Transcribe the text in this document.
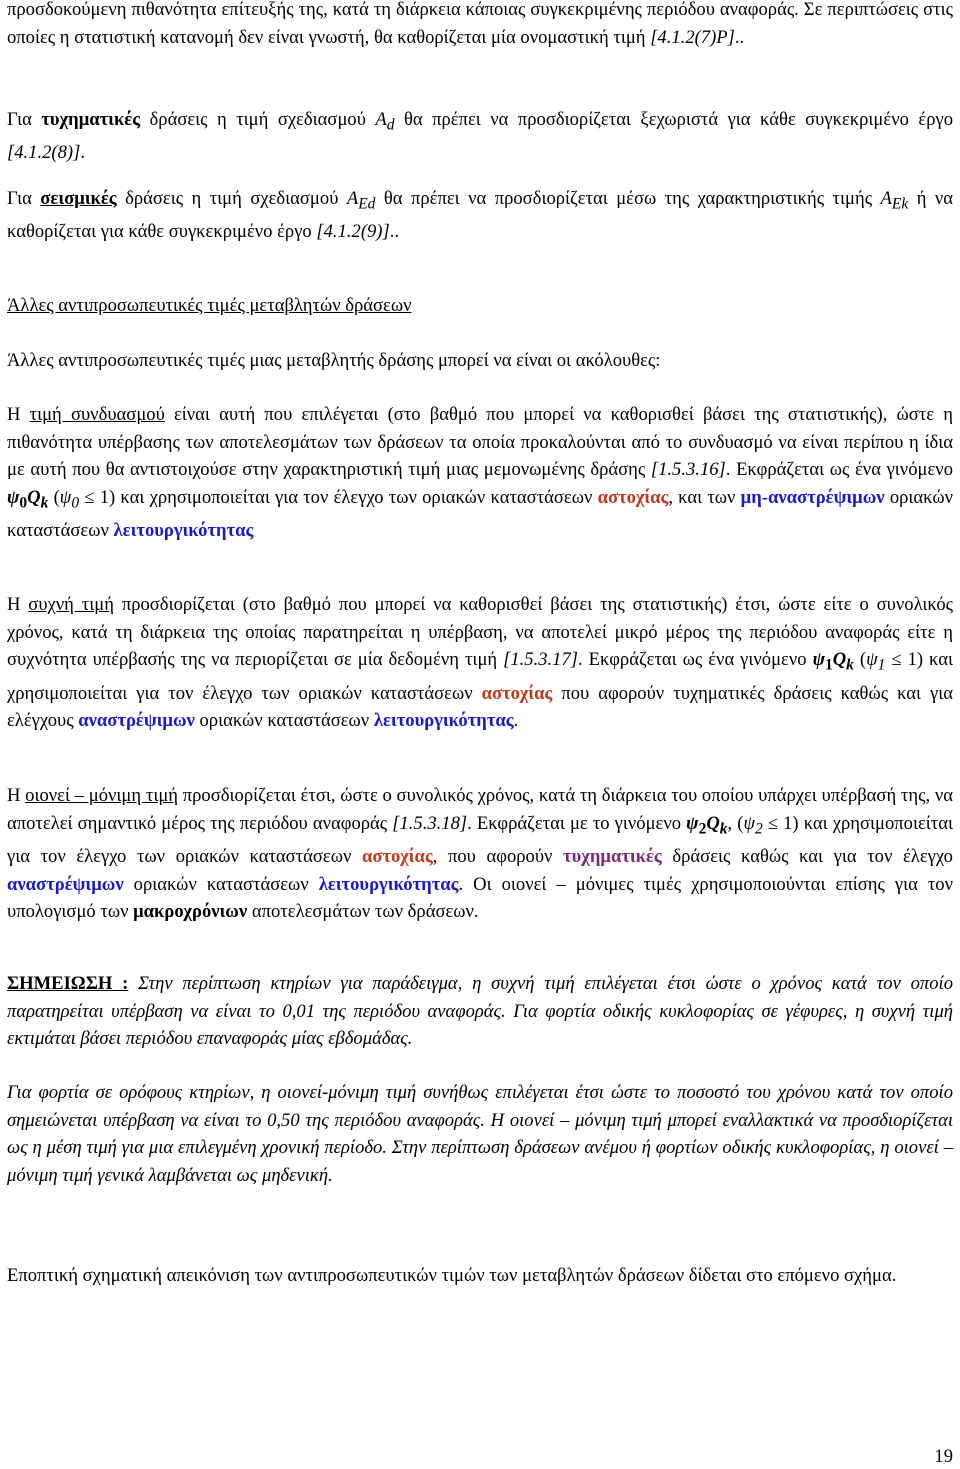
προσδοκούμενη πιθανότητα επίτευξής της, κατά τη διάρκεια κάποιας συγκεκριμένης περιόδου αναφοράς. Σε περιπτώσεις στις οποίες η στατιστική κατανομή δεν είναι γνωστή, θα καθορίζεται μία ονομαστική τιμή [4.1.2(7)P]..

Για τυχηματικές δράσεις η τιμή σχεδιασμού $A_d$ θα πρέπει να προσδιορίζεται ξεχωριστά για κάθε συγκεκριμένο έργο [4.1.2(8)].

Για σεισμικές δράσεις η τιμή σχεδιασμού $A_{Ed}$ θα πρέπει να προσδιορίζεται μέσω της χαρακτηριστικής τιμής $A_{Ek}$ ή να καθορίζεται για κάθε συγκεκριμένο έργο [4.1.2(9)]..

Άλλες αντιπροσωπευτικές τιμές μεταβλητών δράσεων

Άλλες αντιπροσωπευτικές τιμές μιας μεταβλητής δράσης μπορεί να είναι οι ακόλουθες:

Η τιμή συνδυασμού είναι αυτή που επιλέγεται (στο βαθμό που μπορεί να καθορισθεί βάσει της στατιστικής), ώστε η πιθανότητα υπέρβασης των αποτελεσμάτων των δράσεων τα οποία προκαλούνται από το συνδυασμό να είναι περίπου η ίδια με αυτή που θα αντιστοιχούσε στην χαρακτηριστική τιμή μιας μεμονωμένης δράσης [1.5.3.16]. Εκφράζεται ως ένα γινόμενο $\psi_0Q_k$ $(\psi_0 \le 1)$ και χρησιμοποιείται για τον έλεγχο των οριακών καταστάσεων αστοχίας, και των μη-αναστρέψιμων οριακών καταστάσεων λειτουργικότητας

Η συχνή τιμή προσδιορίζεται (στο βαθμό που μπορεί να καθορισθεί βάσει της στατιστικής) έτσι, ώστε είτε ο συνολικός χρόνος, κατά τη διάρκεια της οποίας παρατηρείται η υπέρβαση, να αποτελεί μικρό μέρος της περιόδου αναφοράς είτε η συχνότητα υπέρβασής της να περιορίζεται σε μία δεδομένη τιμή [1.5.3.17]. Εκφράζεται ως ένα γινόμενο $\psi_1Q_k$ $(\psi_1 \le 1)$ και χρησιμοποιείται για τον έλεγχο των οριακών καταστάσεων αστοχίας που αφορούν τυχηματικές δράσεις καθώς και για ελέγχους αναστρέψιμων οριακών καταστάσεων λειτουργικότητας.

Η οιονεί – μόνιμη τιμή προσδιορίζεται έτσι, ώστε ο συνολικός χρόνος, κατά τη διάρκεια του οποίου υπάρχει υπέρβασή της, να αποτελεί σημαντικό μέρος της περιόδου αναφοράς [1.5.3.18]. Εκφράζεται με το γινόμενο $\psi_2Q_k$, $(\psi_2 \le 1)$ και χρησιμοποιείται για τον έλεγχο των οριακών καταστάσεων αστοχίας, που αφορούν τυχηματικές δράσεις καθώς και για τον έλεγχο αναστρέψιμων οριακών καταστάσεων λειτουργικότητας. Οι οιονεί – μόνιμες τιμές χρησιμοποιούνται επίσης για τον υπολογισμό των μακροχρόνιων αποτελεσμάτων των δράσεων.

ΣΗΜΕΙΩΣΗ : Στην περίπτωση κτηρίων για παράδειγμα, η συχνή τιμή επιλέγεται έτσι ώστε ο χρόνος κατά τον οποίο παρατηρείται υπέρβαση να είναι το 0,01 της περιόδου αναφοράς. Για φορτία οδικής κυκλοφορίας σε γέφυρες, η συχνή τιμή εκτιμάται βάσει περιόδου επαναφοράς μίας εβδομάδας.

Για φορτία σε ορόφους κτηρίων, η οιονεί-μόνιμη τιμή συνήθως επιλέγεται έτσι ώστε το ποσοστό του χρόνου κατά τον οποίο σημειώνεται υπέρβαση να είναι το 0,50 της περιόδου αναφοράς. Η οιονεί – μόνιμη τιμή μπορεί εναλλακτικά να προσδιορίζεται ως η μέση τιμή για μια επιλεγμένη χρονική περίοδο. Στην περίπτωση δράσεων ανέμου ή φορτίων οδικής κυκλοφορίας, η οιονεί – μόνιμη τιμή γενικά λαμβάνεται ως μηδενική.

Εποπτική σχηματική απεικόνιση των αντιπροσωπευτικών τιμών των μεταβλητών δράσεων δίδεται στο επόμενο σχήμα.

19
